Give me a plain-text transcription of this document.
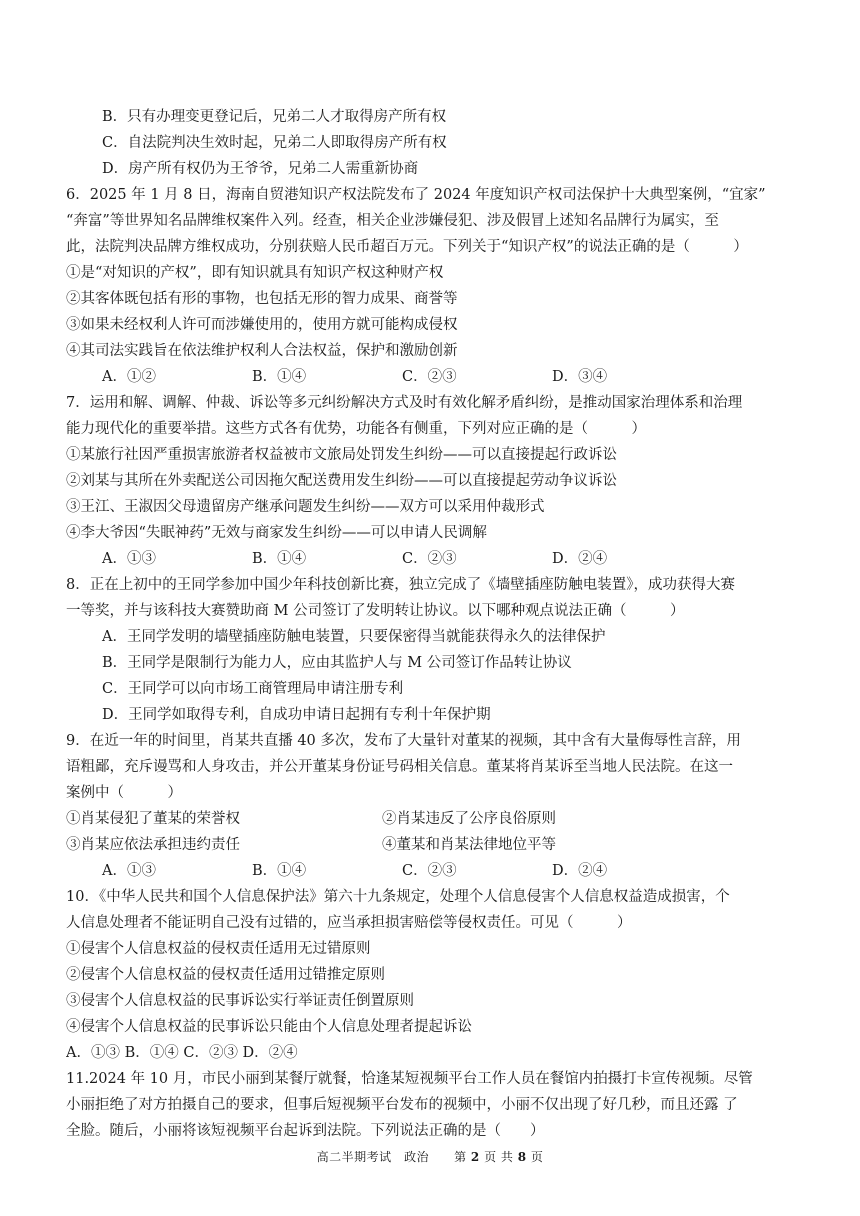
B．只有办理变更登记后，兄弟二人才取得房产所有权
C．自法院判决生效时起，兄弟二人即取得房产所有权
D．房产所有权仍为王爷爷，兄弟二人需重新协商
6．2025 年 1 月 8 日，海南自贸港知识产权法院发布了 2024 年度知识产权司法保护十大典型案例，“宜家”
“奔富”等世界知名品牌维权案件入列。经查，相关企业涉嫌侵犯、涉及假冒上述知名品牌行为属实，至
此，法院判决品牌方维权成功，分别获赔人民币超百万元。下列关于“知识产权”的说法正确的是（　　　）
①是“对知识的产权”，即有知识就具有知识产权这种财产权
②其客体既包括有形的事物，也包括无形的智力成果、商誉等
③如果未经权利人许可而涉嫌使用的，使用方就可能构成侵权
④其司法实践旨在依法维护权利人合法权益，保护和激励创新
A．①②	B．①④	C．②③	D．③④
7．运用和解、调解、仲裁、诉讼等多元纠纷解决方式及时有效化解矛盾纠纷，是推动国家治理体系和治理
能力现代化的重要举措。这些方式各有优势，功能各有侧重，下列对应正确的是（　　　）
①某旅行社因严重损害旅游者权益被市文旅局处罚发生纠纷——可以直接提起行政诉讼
②刘某与其所在外卖配送公司因拖欠配送费用发生纠纷——可以直接提起劳动争议诉讼
③王江、王淑因父母遗留房产继承问题发生纠纷——双方可以采用仲裁形式
④李大爷因“失眠神药”无效与商家发生纠纷——可以申请人民调解
A．①③	B．①④	C．②③	D．②④
8．正在上初中的王同学参加中国少年科技创新比赛，独立完成了《墙壁插座防触电装置》，成功获得大赛
一等奖，并与该科技大赛赞助商 M 公司签订了发明转让协议。以下哪种观点说法正确（　　　）
A．王同学发明的墙壁插座防触电装置，只要保密得当就能获得永久的法律保护
B．王同学是限制行为能力人，应由其监护人与 M 公司签订作品转让协议
C．王同学可以向市场工商管理局申请注册专利
D．王同学如取得专利，自成功申请日起拥有专利十年保护期
9．在近一年的时间里，肖某共直播 40 多次，发布了大量针对董某的视频，其中含有大量侮辱性言辞，用
语粗鄙，充斥谩骂和人身攻击，并公开董某身份证号码相关信息。董某将肖某诉至当地人民法院。在这一
案例中（　　　）
①肖某侵犯了董某的荣誉权	②肖某违反了公序良俗原则
③肖某应依法承担违约责任	④董某和肖某法律地位平等
A．①③	B．①④	C．②③	D．②④
10．《中华人民共和国个人信息保护法》第六十九条规定，处理个人信息侵害个人信息权益造成损害，个
人信息处理者不能证明自己没有过错的，应当承担损害赔偿等侵权责任。可见（　　　）
①侵害个人信息权益的侵权责任适用无过错原则
②侵害个人信息权益的侵权责任适用过错推定原则
③侵害个人信息权益的民事诉讼实行举证责任倒置原则
④侵害个人信息权益的民事诉讼只能由个人信息处理者提起诉讼
A．①③ B．①④ C．②③ D．②④
11.2024 年 10 月，市民小丽到某餐厅就餐，恰逢某短视频平台工作人员在餐馆内拍摄打卡宣传视频。尽管
小丽拒绝了对方拍摄自己的要求，但事后短视频平台发布的视频中，小丽不仅出现了好几秒，而且还露 了
全脸。随后，小丽将该短视频平台起诉到法院。下列说法正确的是（　　）
高二半期考试　政治　　第 2 页 共 8 页
